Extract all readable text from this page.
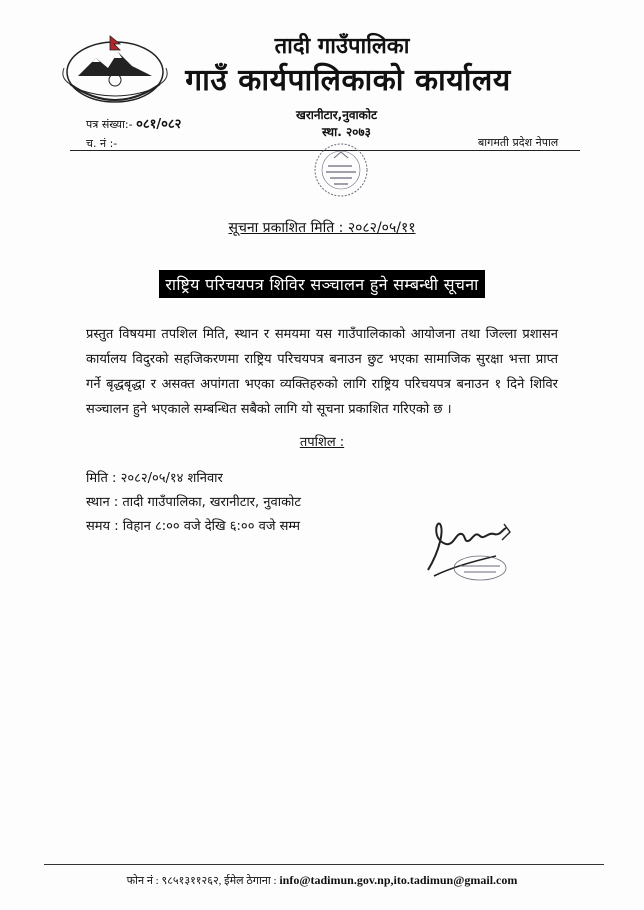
तादी गाउँपालिका
गाउँ कार्यपालिकाको कार्यालय
खरानीटार,नुवाकोट
स्था. २०७३
पत्र संख्या:- ०८१/०८२
च. नं :-	बागमती प्रदेश नेपाल
सूचना प्रकाशित मिति : २०८२/०५/११
राष्ट्रिय परिचयपत्र शिविर सञ्चालन हुने सम्बन्धी सूचना

प्रस्तुत विषयमा तपशिल मिति, स्थान र समयमा यस गाउँपालिकाको आयोजना तथा जिल्ला प्रशासन कार्यालय विदुरको सहजिकरणमा राष्ट्रिय परिचयपत्र बनाउन छुट भएका सामाजिक सुरक्षा भत्ता प्राप्त गर्ने बृद्धबृद्धा र असक्त अपांगता भएका व्यक्तिहरुको लागि राष्ट्रिय परिचयपत्र बनाउन १ दिने शिविर सञ्चालन हुने भएकाले सम्बन्धित सबैको लागि यो सूचना प्रकाशित गरिएको छ ।

तपशिल :
मिति : २०८२/०५/१४ शनिवार
स्थान : तादी गाउँपालिका, खरानीटार, नुवाकोट
समय : विहान ८:०० वजे देखि ६:०० वजे सम्म
फोन नं : ९८५१३११२६२, ईमेल ठेगाना : info@tadimun.gov.np,ito.tadimun@gmail.com
